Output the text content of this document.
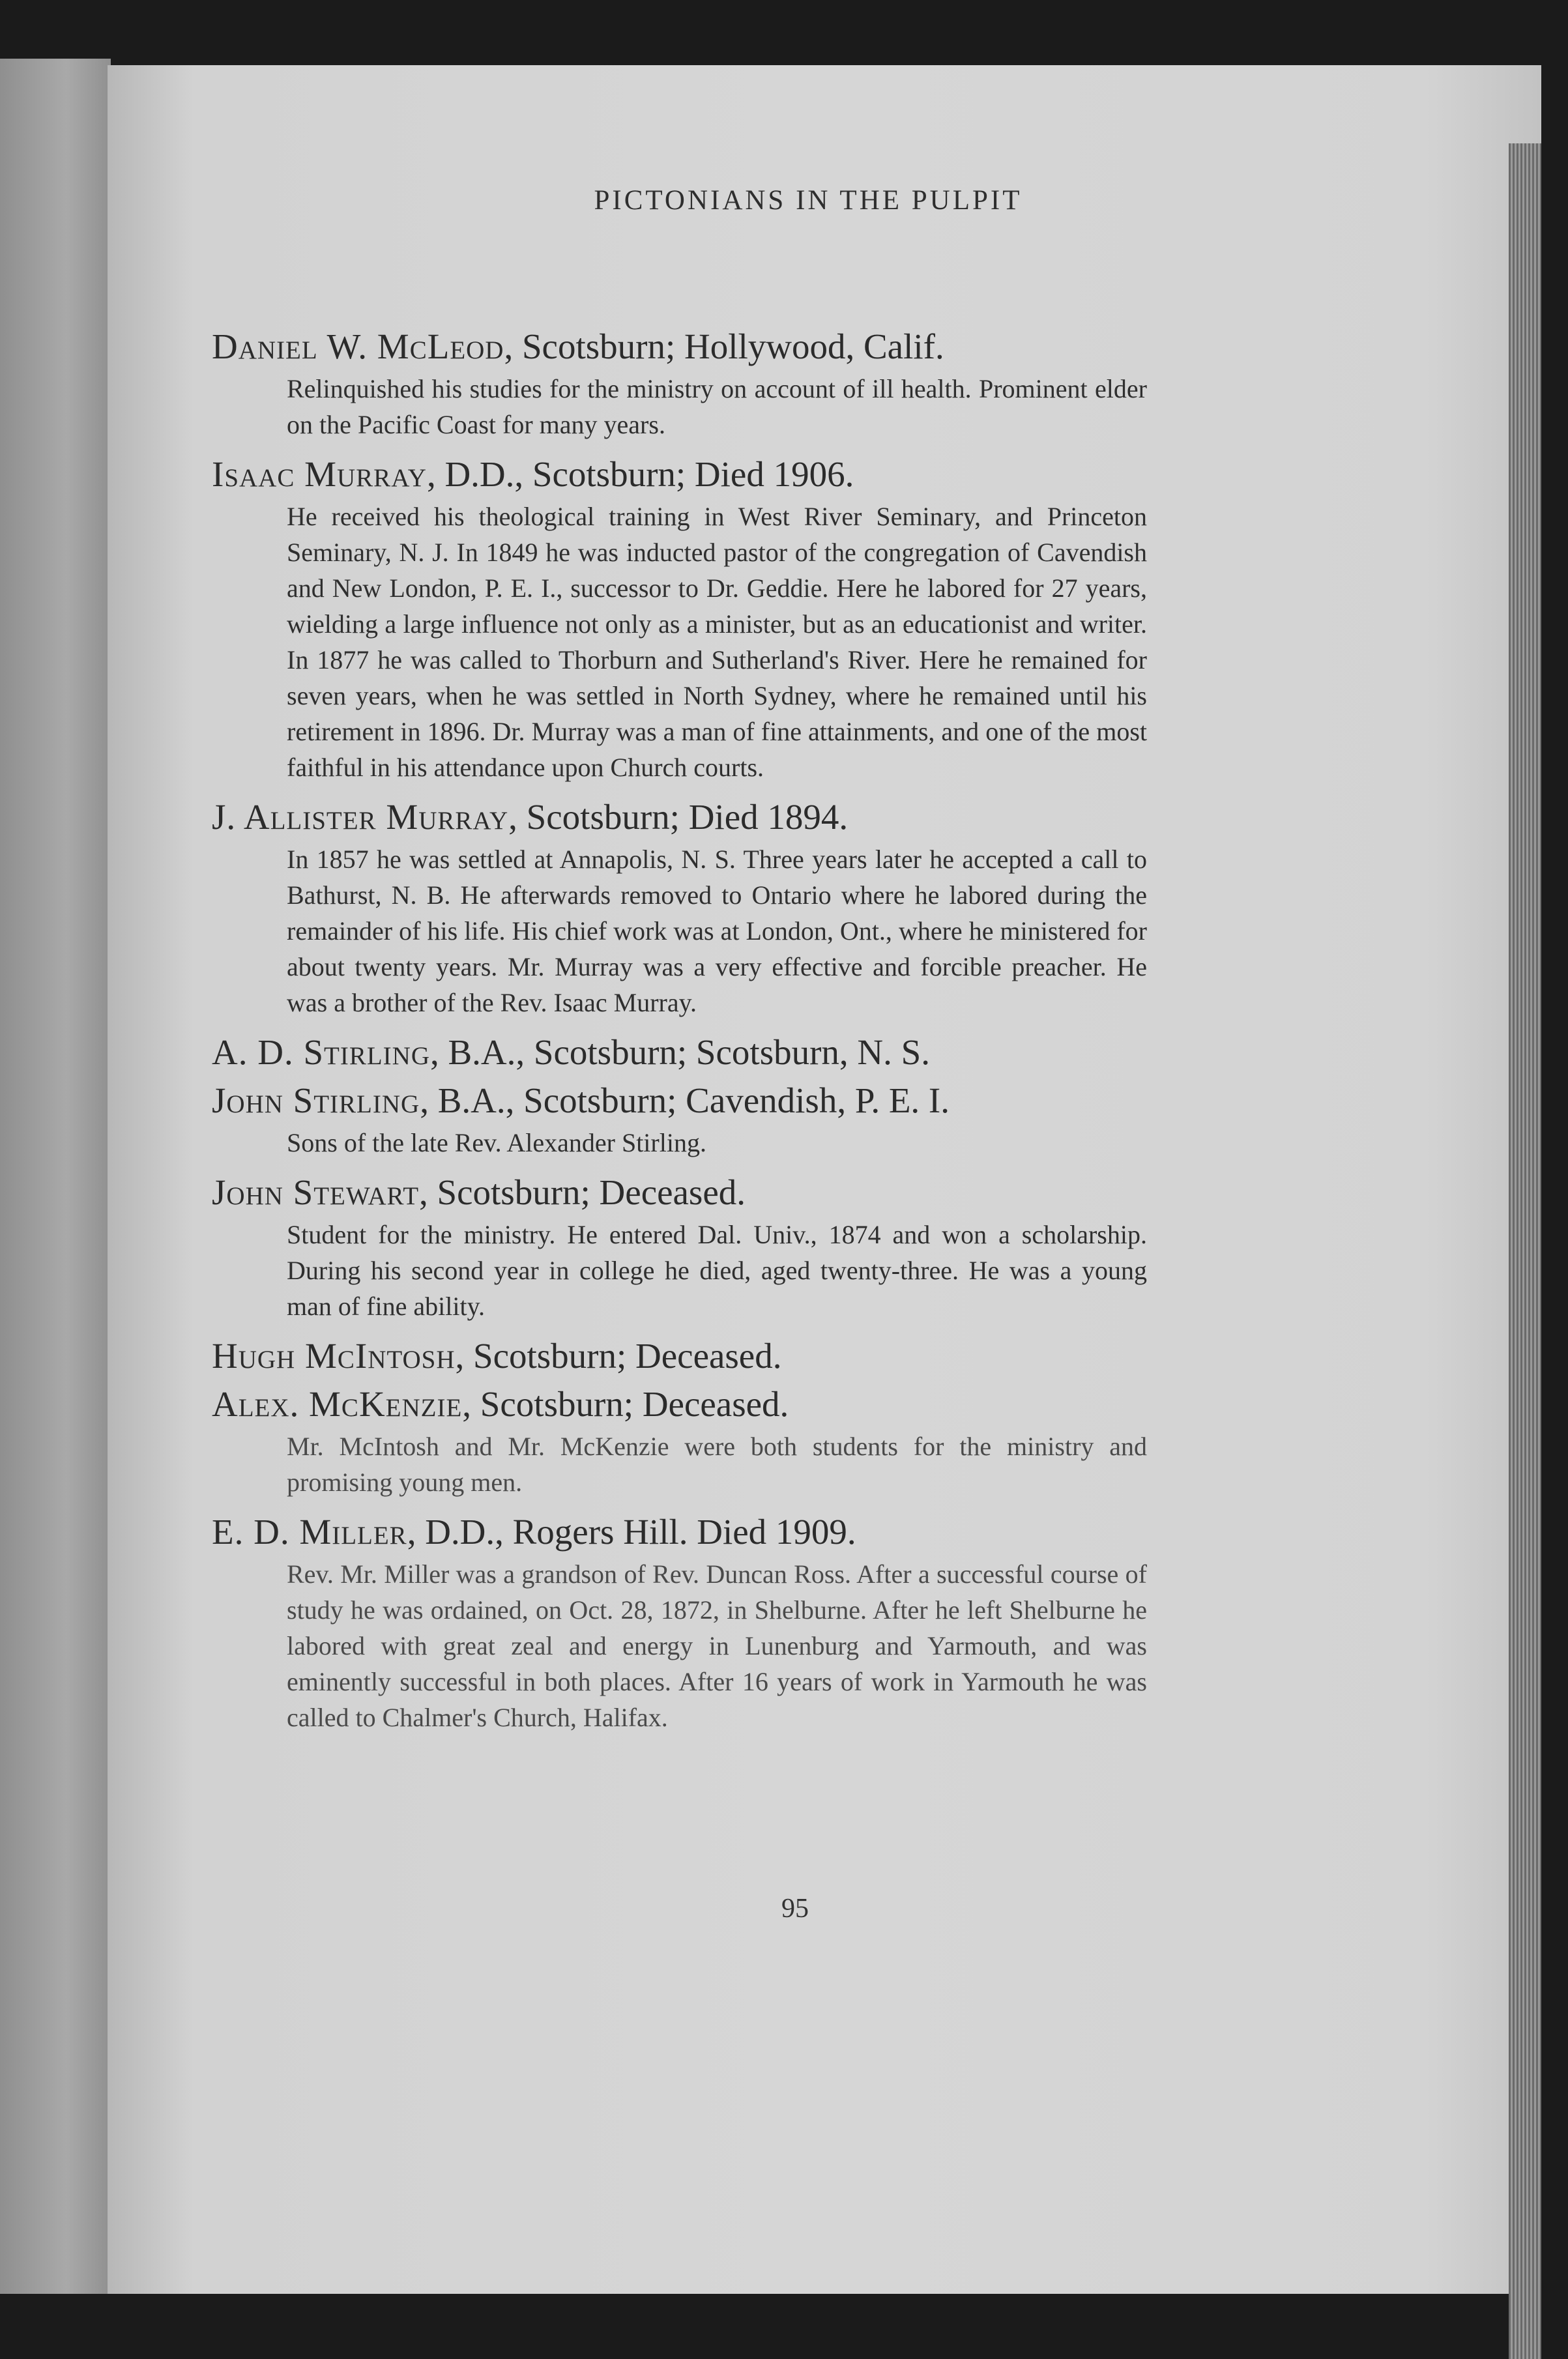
PICTONIANS IN THE PULPIT
Daniel W. McLeod, Scotsburn; Hollywood, Calif.
Relinquished his studies for the ministry on account of ill health. Prominent elder on the Pacific Coast for many years.
Isaac Murray, D.D., Scotsburn; Died 1906.
He received his theological training in West River Seminary, and Princeton Seminary, N. J. In 1849 he was inducted pastor of the congregation of Cavendish and New London, P. E. I., successor to Dr. Geddie. Here he labored for 27 years, wielding a large influence not only as a minister, but as an educationist and writer. In 1877 he was called to Thorburn and Sutherland's River. Here he remained for seven years, when he was settled in North Sydney, where he remained until his retirement in 1896. Dr. Murray was a man of fine attainments, and one of the most faithful in his attendance upon Church courts.
J. Allister Murray, Scotsburn; Died 1894.
In 1857 he was settled at Annapolis, N. S. Three years later he accepted a call to Bathurst, N. B. He afterwards removed to Ontario where he labored during the remainder of his life. His chief work was at London, Ont., where he ministered for about twenty years. Mr. Murray was a very effective and forcible preacher. He was a brother of the Rev. Isaac Murray.
A. D. Stirling, B.A., Scotsburn; Scotsburn, N. S.
John Stirling, B.A., Scotsburn; Cavendish, P. E. I.
Sons of the late Rev. Alexander Stirling.
John Stewart, Scotsburn; Deceased.
Student for the ministry. He entered Dal. Univ., 1874 and won a scholarship. During his second year in college he died, aged twenty-three. He was a young man of fine ability.
Hugh McIntosh, Scotsburn; Deceased.
Alex. McKenzie, Scotsburn; Deceased.
Mr. McIntosh and Mr. McKenzie were both students for the ministry and promising young men.
E. D. Miller, D.D., Rogers Hill. Died 1909.
Rev. Mr. Miller was a grandson of Rev. Duncan Ross. After a successful course of study he was ordained, on Oct. 28, 1872, in Shelburne. After he left Shelburne he labored with great zeal and energy in Lunenburg and Yarmouth, and was eminently successful in both places. After 16 years of work in Yarmouth he was called to Chalmer's Church, Halifax.
95
